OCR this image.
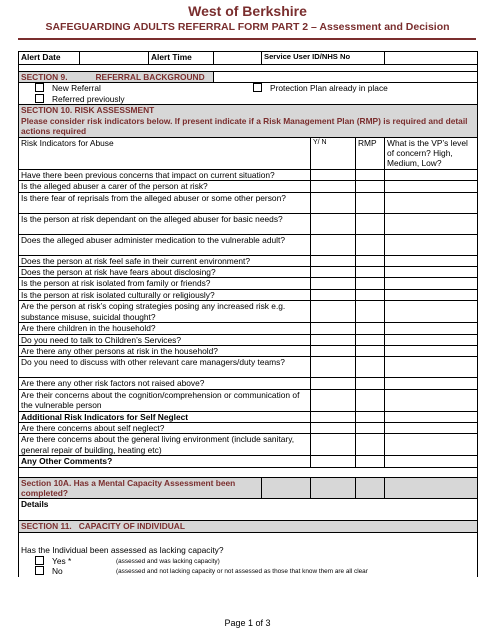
West of Berkshire
SAFEGUARDING ADULTS REFERRAL FORM PART 2 – Assessment and Decision
Alert Date		Alert Time		Service User ID/NHS No			

SECTION 9.            REFERRAL BACKGROUND							

New Referral Protection Plan already in place
Referred previously							

SECTION 10. RISK ASSESSMENT
Please consider risk indicators below. If present indicate if a Risk Management Plan (RMP) is required and detail actions required							

Risk Indicators for Abuse					Y/ N	RMP	What is the VP’s level of concern? High, Medium, Low?
Have there been previous concerns that impact on current situation?							
Is the alleged abuser a carer of the person at risk?							
Is there fear of reprisals from the alleged abuser or some other person?							
Is the person at risk dependant on the alleged abuser for basic needs?							
Does the alleged abuser administer medication to the vulnerable adult?							
Does the person at risk feel safe in their current environment?							
Does the person at risk have fears about disclosing?							
Is the person at risk isolated from family or friends?							
Is the person at risk isolated culturally or religiously?							
Are the person at risk’s coping strategies posing any increased risk e.g. substance misuse, suicidal thought?							
Are there children in the household?							
Do you need to talk to Children’s Services?							
Are there any other persons at risk in the household?							
Do you need to discuss with other relevant care managers/duty teams?							
Are there any other risk factors not raised above?							
Are their concerns about the cognition/comprehension or communication of the vulnerable person							
Additional Risk Indicators for Self Neglect							
Are there concerns about self neglect?							
Are there concerns about the general living environment (include sanitary, general repair of building, heating etc)							
Any Other Comments?							

Section 10A. Has a Mental Capacity Assessment been completed?							
Details							
SECTION 11.   CAPACITY OF INDIVIDUAL							

Has the Individual been assessed as lacking capacity?
Yes * (assessed and was lacking capacity)
No (assessed and not lacking capacity or not assessed as those that know them are all clear							
Page 1 of 3
